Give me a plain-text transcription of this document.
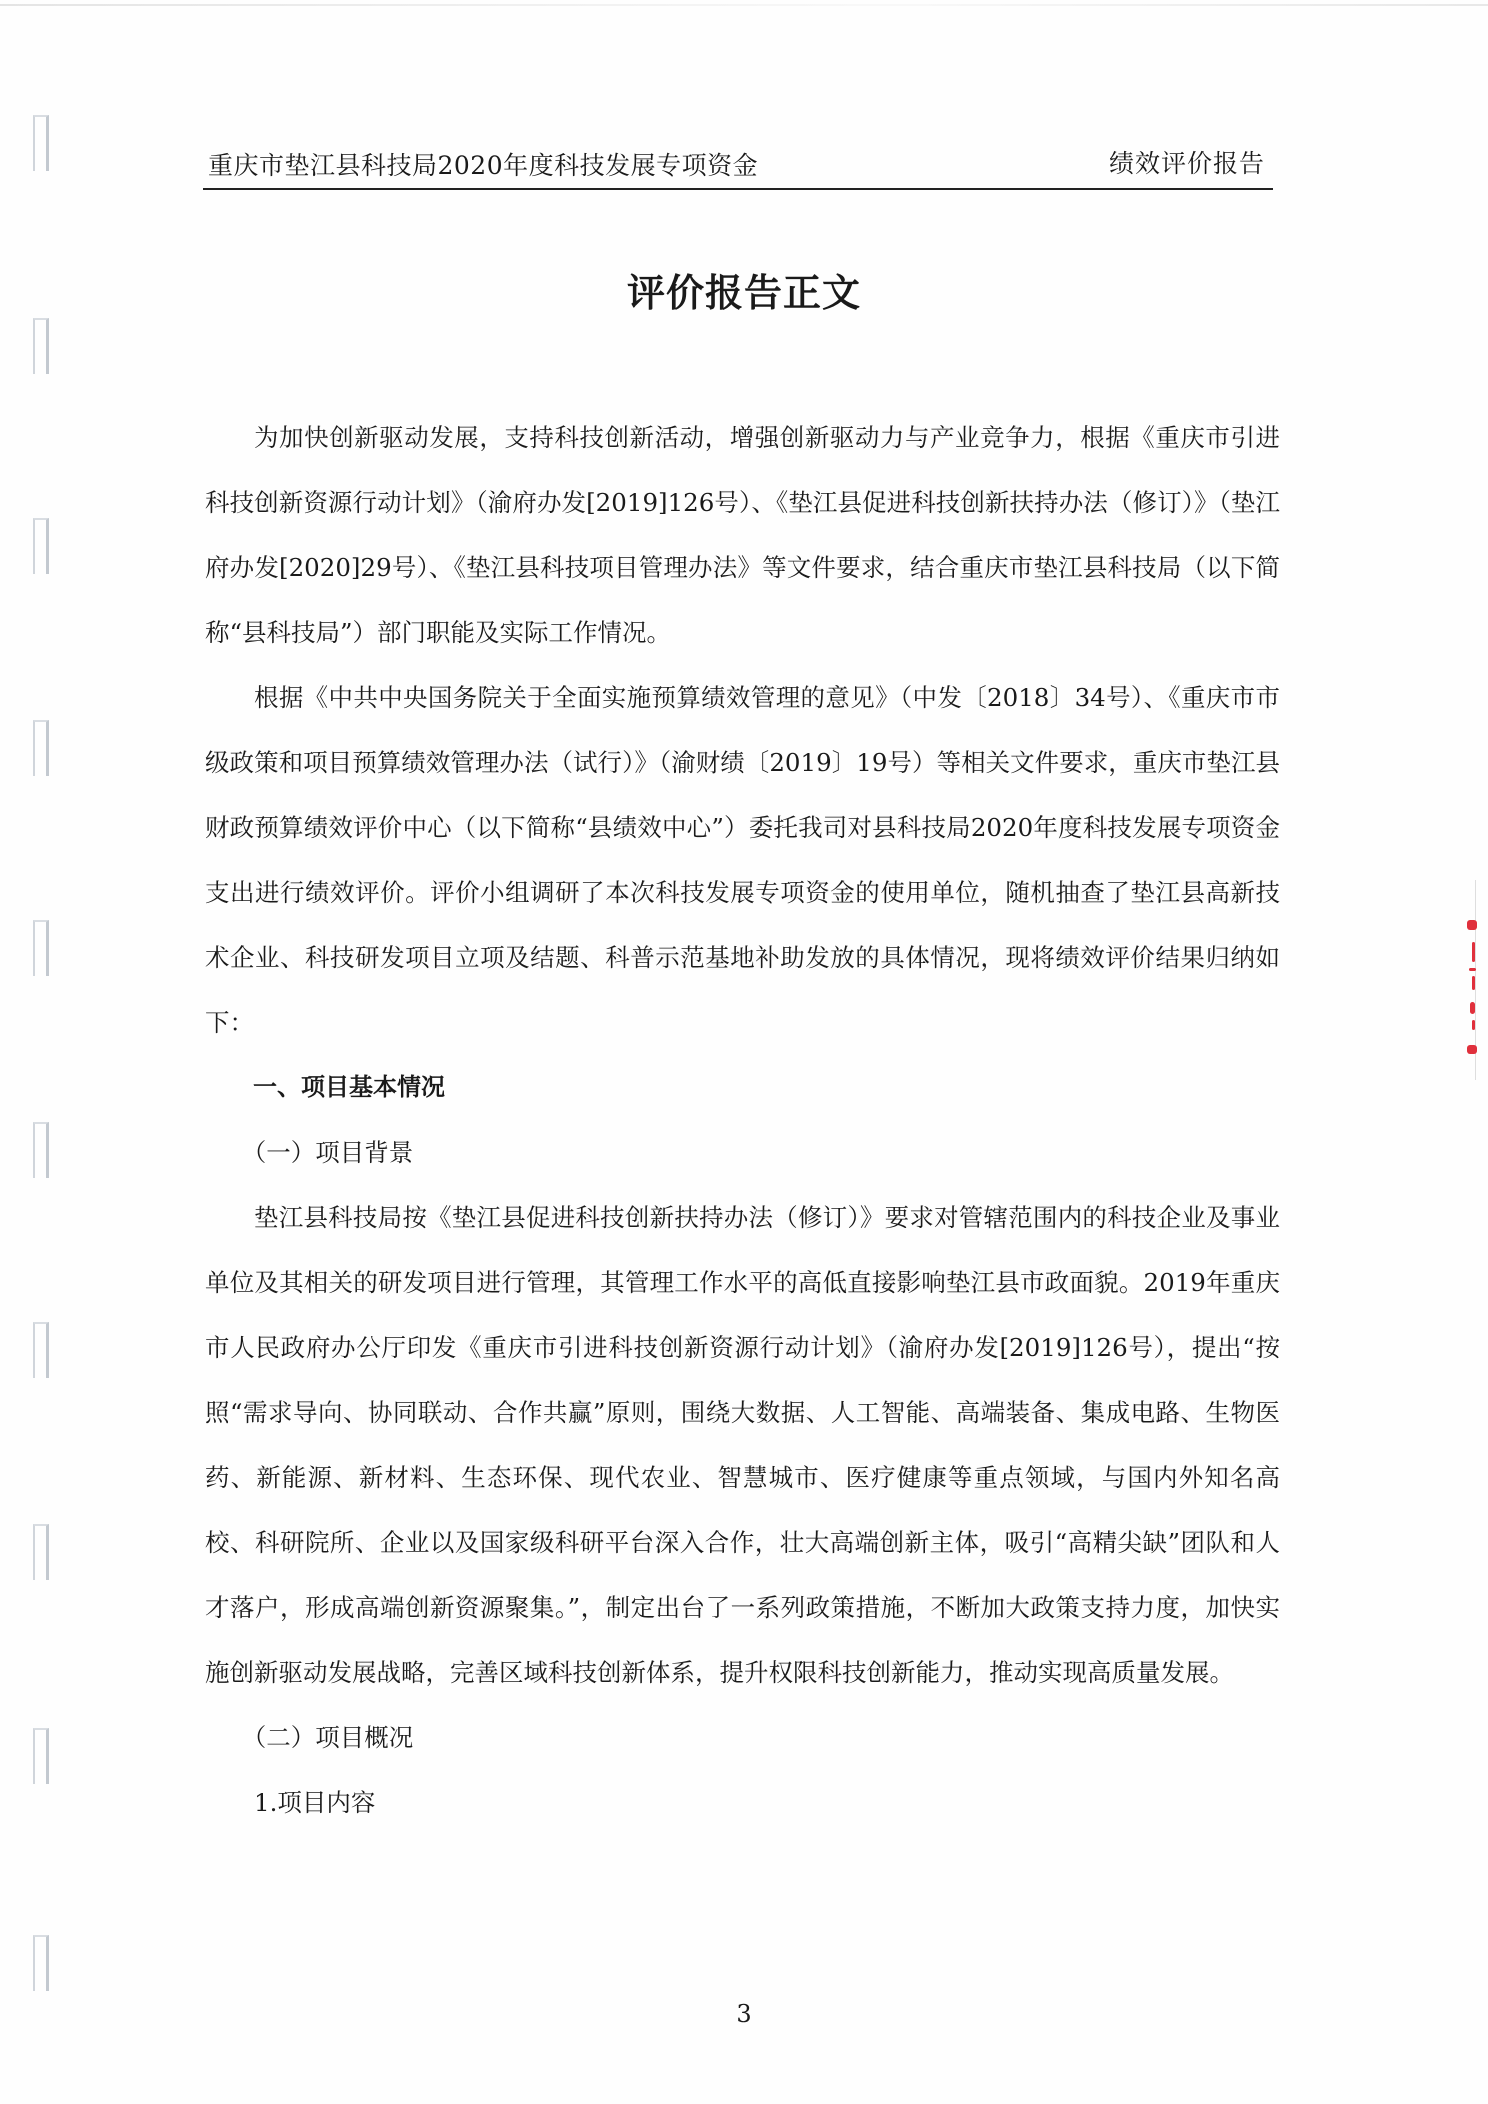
重庆市垫江县科技局2020年度科技发展专项资金	绩效评价报告
评价报告正文

为加快创新驱动发展，支持科技创新活动，增强创新驱动力与产业竞争力，根据《重庆市引进科技创新资源行动计划》（渝府办发[2019]126号）、《垫江县促进科技创新扶持办法（修订）》（垫江府办发[2020]29号）、《垫江县科技项目管理办法》等文件要求，结合重庆市垫江县科技局（以下简称“县科技局”）部门职能及实际工作情况。

根据《中共中央国务院关于全面实施预算绩效管理的意见》（中发〔2018〕34号）、《重庆市市级政策和项目预算绩效管理办法（试行）》（渝财绩〔2019〕19号）等相关文件要求，重庆市垫江县财政预算绩效评价中心（以下简称“县绩效中心”）委托我司对县科技局2020年度科技发展专项资金支出进行绩效评价。评价小组调研了本次科技发展专项资金的使用单位，随机抽查了垫江县高新技术企业、科技研发项目立项及结题、科普示范基地补助发放的具体情况，现将绩效评价结果归纳如下：

一、项目基本情况

（一）项目背景

垫江县科技局按《垫江县促进科技创新扶持办法（修订）》要求对管辖范围内的科技企业及事业单位及其相关的研发项目进行管理，其管理工作水平的高低直接影响垫江县市政面貌。2019年重庆市人民政府办公厅印发《重庆市引进科技创新资源行动计划》（渝府办发[2019]126号），提出“按照“需求导向、协同联动、合作共赢”原则，围绕大数据、人工智能、高端装备、集成电路、生物医药、新能源、新材料、生态环保、现代农业、智慧城市、医疗健康等重点领域，与国内外知名高校、科研院所、企业以及国家级科研平台深入合作，壮大高端创新主体，吸引“高精尖缺”团队和人才落户，形成高端创新资源聚集。”，制定出台了一系列政策措施，不断加大政策支持力度，加快实施创新驱动发展战略，完善区域科技创新体系，提升权限科技创新能力，推动实现高质量发展。

（二）项目概况

1.项目内容

3
